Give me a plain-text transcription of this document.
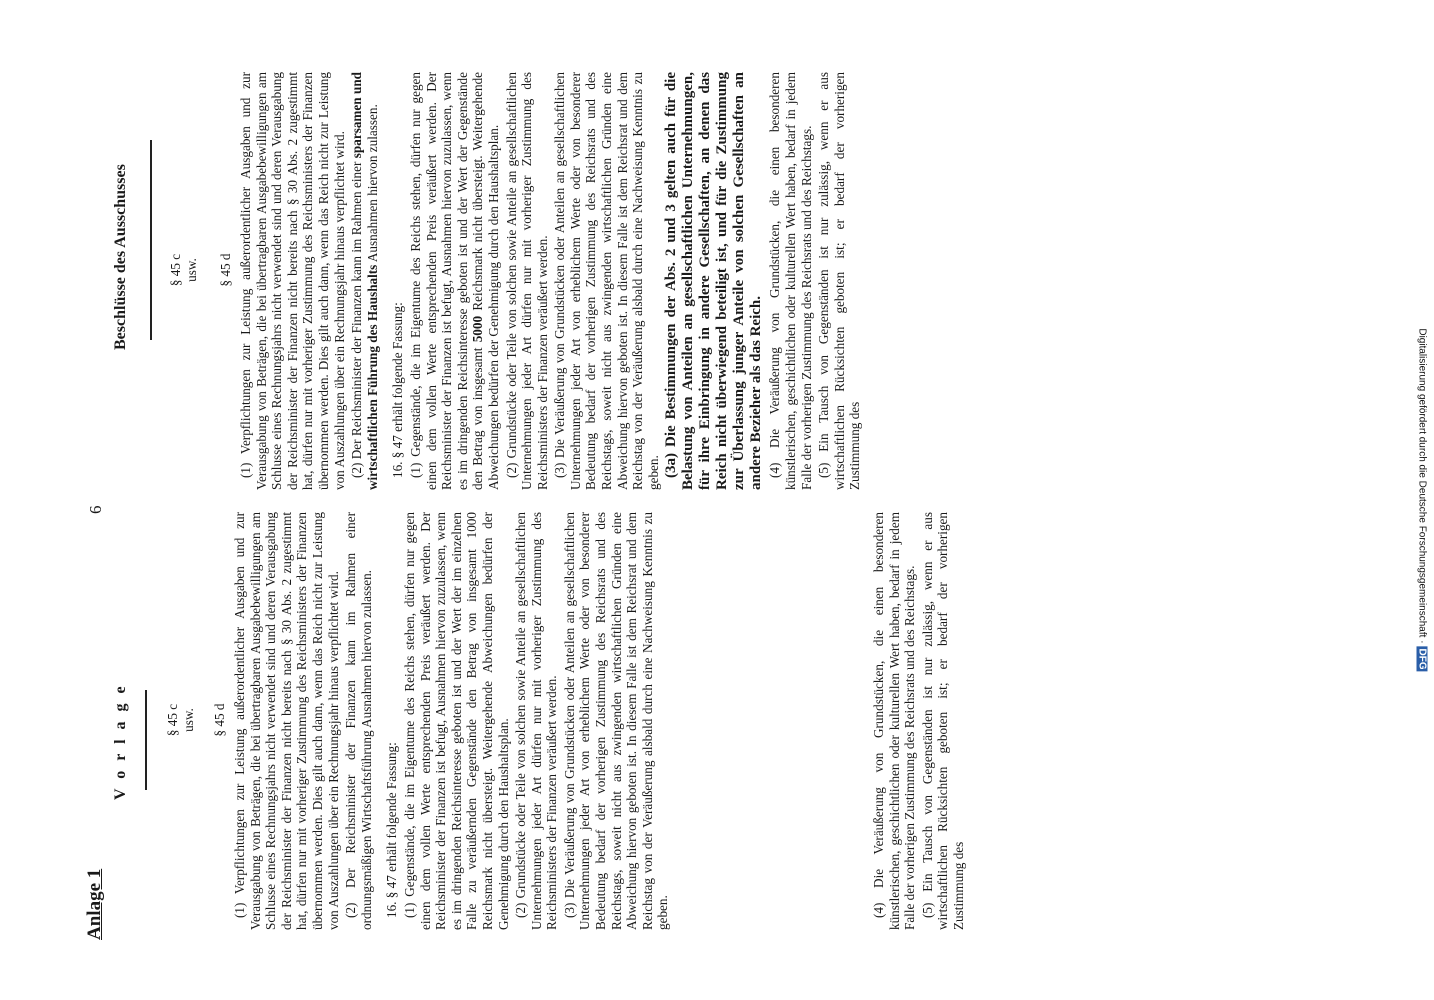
Digitalisierung gefördert durch die Deutsche Forschungsgemeinschaft ·DFG
Anlage 1
6
V o r l a g e	§ 45 c usw. § 45 d (1) Verpflichtungen zur Leistung außerordentlicher Ausgaben und zur Verausgabung von Beträgen, die bei übertragbaren Ausgabebewilligungen am Schlusse eines Rechnungsjahrs nicht verwendet sind und deren Verausgabung der Reichsminister der Finanzen nicht bereits nach § 30 Abs. 2 zugestimmt hat, dürfen nur mit vorheriger Zustimmung des Reichsministers der Finanzen übernommen werden. Dies gilt auch dann, wenn das Reich nicht zur Leistung von Auszahlungen über ein Rechnungsjahr hinaus verpflichtet wird. (2) Der Reichsminister der Finanzen kann im Rahmen einer ordnungsmäßigen Wirtschaftsführung Ausnahmen hiervon zulassen. 16. § 47 erhält folgende Fassung: (1) Gegenstände, die im Eigentume des Reichs stehen, dürfen nur gegen einen dem vollen Werte entsprechenden Preis veräußert werden. Der Reichsminister der Finanzen ist befugt, Ausnahmen hiervon zuzulassen, wenn es im dringenden Reichsinteresse geboten ist und der Wert der im einzelnen Falle zu veräußernden Gegenstände den Betrag von insgesamt 1000 Reichsmark nicht übersteigt. Weitergehende Abweichungen bedürfen der Genehmigung durch den Haushaltsplan. (2) Grundstücke oder Teile von solchen sowie Anteile an gesellschaftlichen Unternehmungen jeder Art dürfen nur mit vorheriger Zustimmung des Reichsministers der Finanzen veräußert werden. (3) Die Veräußerung von Grundstücken oder Anteilen an gesellschaftlichen Unternehmungen jeder Art von erheblichem Werte oder von besonderer Bedeutung bedarf der vorherigen Zustimmung des Reichsrats und des Reichstags, soweit nicht aus zwingenden wirtschaftlichen Gründen eine Abweichung hiervon geboten ist. In diesem Falle ist dem Reichsrat und dem Reichstag von der Veräußerung alsbald durch eine Nachweisung Kenntnis zu geben.	(4) Die Veräußerung von Grundstücken, die einen besonderen künstlerischen, geschichtlichen oder kulturellen Wert haben, bedarf in jedem Falle der vorherigen Zustimmung des Reichsrats und des Reichstags. (5) Ein Tausch von Gegenständen ist nur zulässig, wenn er aus wirtschaftlichen Rücksichten geboten ist; er bedarf der vorherigen Zustimmung des

Beschlüsse des Ausschusses	§ 45 c usw. § 45 d (1) Verpflichtungen zur Leistung außerordentlicher Ausgaben und zur Verausgabung von Beträgen, die bei übertragbaren Ausgabebewilligungen am Schlusse eines Rechnungsjahrs nicht verwendet sind und deren Verausgabung der Reichsminister der Finanzen nicht bereits nach § 30 Abs. 2 zugestimmt hat, dürfen nur mit vorheriger Zustimmung des Reichsministers der Finanzen übernommen werden. Dies gilt auch dann, wenn das Reich nicht zur Leistung von Auszahlungen über ein Rechnungsjahr hinaus verpflichtet wird. (2) Der Reichsminister der Finanzen kann im Rahmen einer sparsamen und wirtschaftlichen Führung des Haushalts Ausnahmen hiervon zulassen.

16. § 47 erhält folgende Fassung: (1) Gegenstände, die im Eigentume des Reichs stehen, dürfen nur gegen einen dem vollen Werte entsprechenden Preis veräußert werden. Der Reichsminister der Finanzen ist befugt, Ausnahmen hiervon zuzulassen, wenn es im dringenden Reichsinteresse geboten ist und der Wert der Gegenstände den Betrag von insgesamt 5000 Reichsmark nicht übersteigt. Weitergehende Abweichungen bedürfen der Genehmigung durch den Haushaltsplan. (2) Grundstücke oder Teile von solchen sowie Anteile an gesellschaftlichen Unternehmungen jeder Art dürfen nur mit vorheriger Zustimmung des Reichsministers der Finanzen veräußert werden. (3) Die Veräußerung von Grundstücken oder Anteilen an gesellschaftlichen Unternehmungen jeder Art von erheblichem Werte oder von besonderer Bedeutung bedarf der vorherigen Zustimmung des Reichsrats und des Reichstags, soweit nicht aus zwingenden wirtschaftlichen Gründen eine Abweichung hiervon geboten ist. In diesem Falle ist dem Reichsrat und dem Reichstag von der Veräußerung alsbald durch eine Nachweisung Kenntnis zu geben. (3a) Die Bestimmungen der Abs. 2 und 3 gelten auch für die Belastung von Anteilen an gesellschaftlichen Unternehmungen, für ihre Einbringung in andere Gesellschaften, an denen das Reich nicht überwiegend beteiligt ist, und für die Zustimmung zur Überlassung junger Anteile von solchen Gesellschaften an andere Bezieher als das Reich. (4) Die Veräußerung von Grundstücken, die einen besonderen künstlerischen, geschichtlichen oder kulturellen Wert haben, bedarf in jedem Falle der vorherigen Zustimmung des Reichsrats und des Reichstags. (5) Ein Tausch von Gegenständen ist nur zulässig, wenn er aus wirtschaftlichen Rücksichten geboten ist; er bedarf der vorherigen Zustimmung des
